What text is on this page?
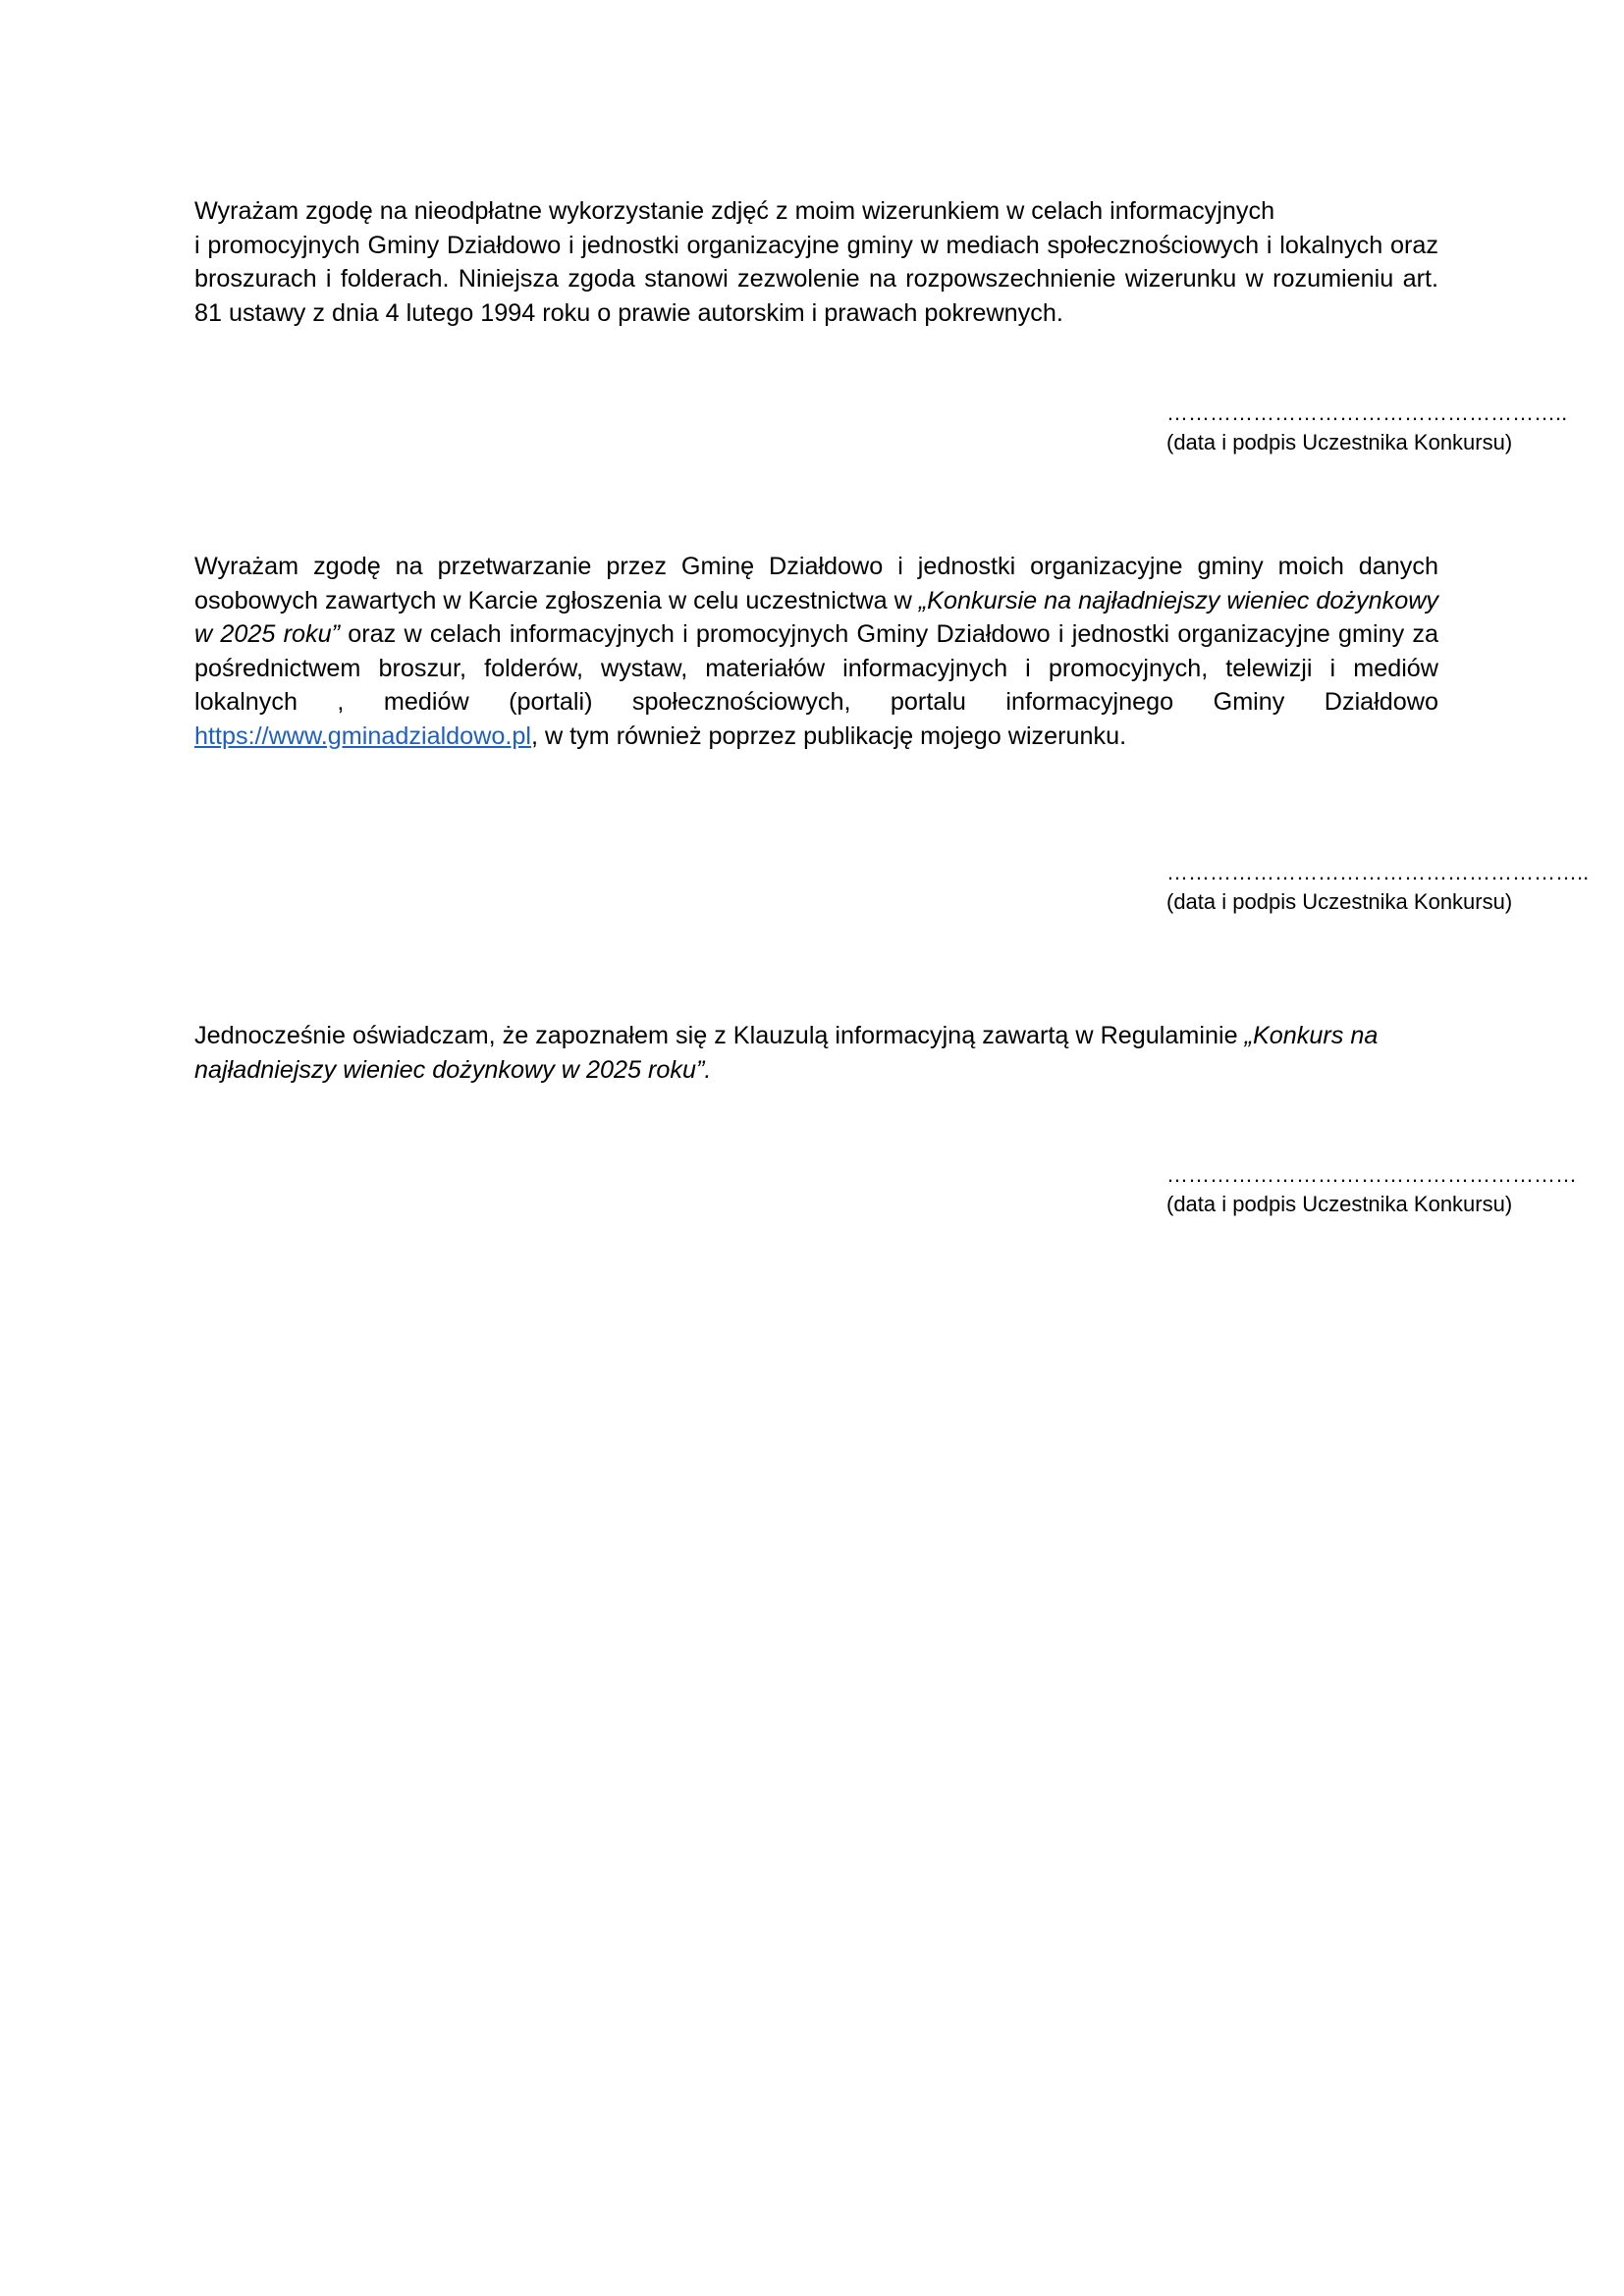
Wyrażam zgodę na nieodpłatne wykorzystanie zdjęć z moim wizerunkiem w celach informacyjnych
i promocyjnych Gminy Działdowo i jednostki organizacyjne gminy w mediach społecznościowych i lokalnych oraz
broszurach i folderach. Niniejsza zgoda stanowi zezwolenie na rozpowszechnienie wizerunku w rozumieniu art.
81 ustawy z dnia 4 lutego 1994 roku o prawie autorskim i prawach pokrewnych.

………………………………………………..
(data i podpis Uczestnika Konkursu)

Wyrażam zgodę na przetwarzanie przez Gminę Działdowo i jednostki organizacyjne gminy moich danych
osobowych zawartych w Karcie zgłoszenia w celu uczestnictwa w „Konkursie na najładniejszy wieniec dożynkowy
w 2025 roku” oraz w celach informacyjnych i promocyjnych Gminy Działdowo i jednostki organizacyjne gminy za
pośrednictwem broszur, folderów, wystaw, materiałów informacyjnych i promocyjnych, telewizji i mediów
lokalnych , mediów (portali) społecznościowych, portalu informacyjnego Gminy Działdowo
https://www.gminadzialdowo.pl, w tym również poprzez publikację mojego wizerunku.

…………………………………………………..
(data i podpis Uczestnika Konkursu)

Jednocześnie oświadczam, że zapoznałem się z Klauzulą informacyjną zawartą w Regulaminie „Konkurs na
najładniejszy wieniec dożynkowy w 2025 roku”.

…………………………………………………
(data i podpis Uczestnika Konkursu)
